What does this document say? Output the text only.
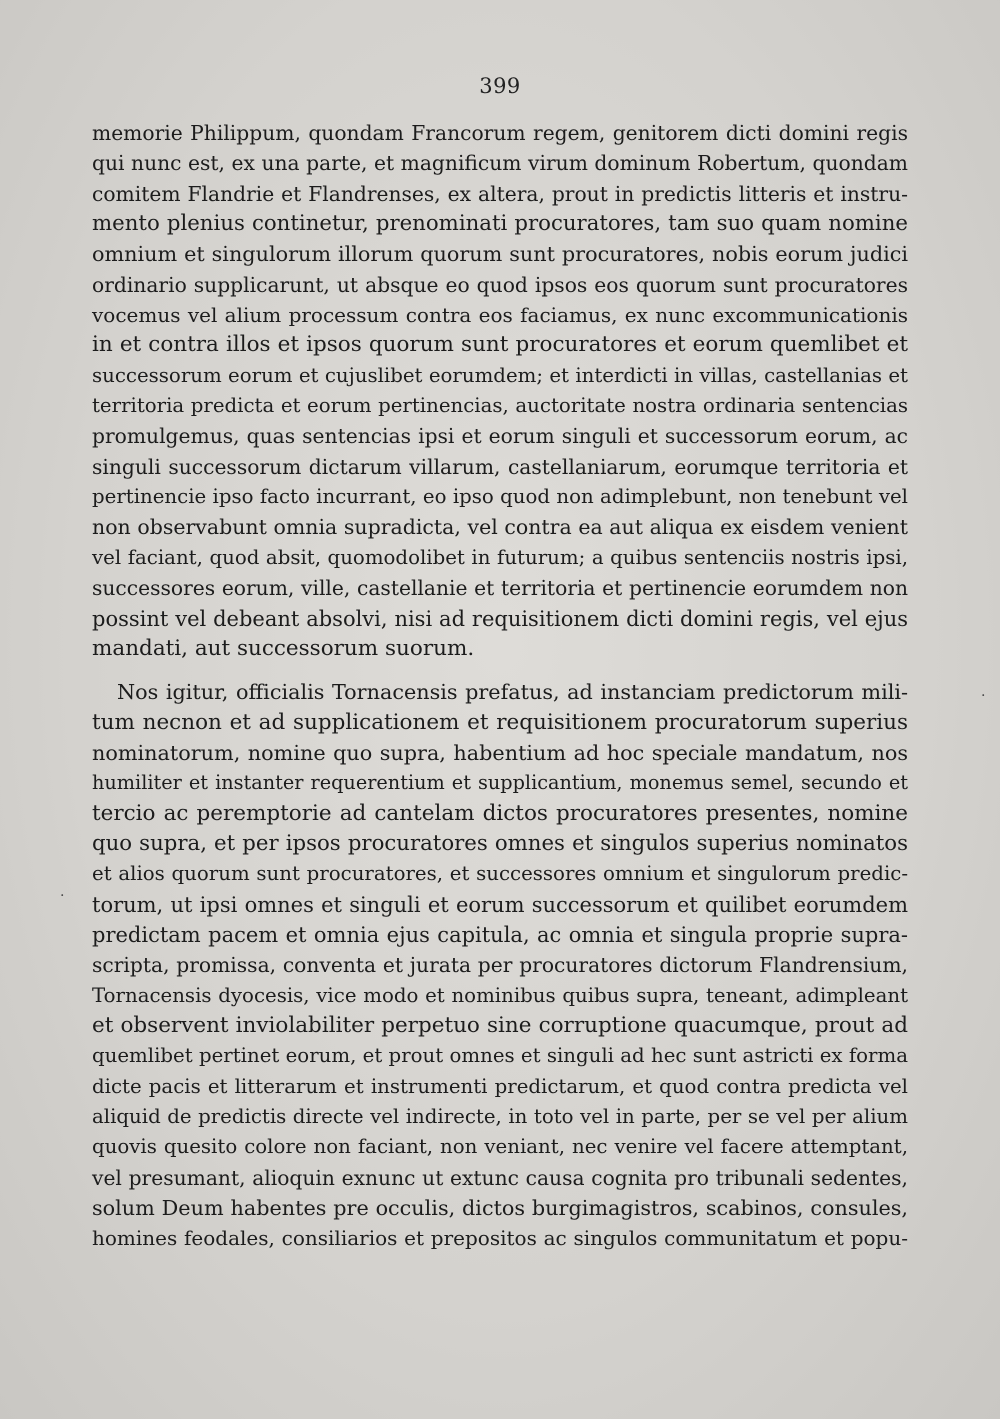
399
memorie Philippum, quondam Francorum regem, genitorem dicti domini regis
qui nunc est, ex una parte, et magnificum virum dominum Robertum, quondam
comitem Flandrie et Flandrenses, ex altera, prout in predictis litteris et instru-
mento plenius continetur, prenominati procuratores, tam suo quam nomine
omnium et singulorum illorum quorum sunt procuratores, nobis eorum judici
ordinario supplicarunt, ut absque eo quod ipsos eos quorum sunt procuratores
vocemus vel alium processum contra eos faciamus, ex nunc excommunicationis
in et contra illos et ipsos quorum sunt procuratores et eorum quemlibet et
successorum eorum et cujuslibet eorumdem; et interdicti in villas, castellanias et
territoria predicta et eorum pertinencias, auctoritate nostra ordinaria sentencias
promulgemus, quas sentencias ipsi et eorum singuli et successorum eorum, ac
singuli successorum dictarum villarum, castellaniarum, eorumque territoria et
pertinencie ipso facto incurrant, eo ipso quod non adimplebunt, non tenebunt vel
non observabunt omnia supradicta, vel contra ea aut aliqua ex eisdem venient
vel faciant, quod absit, quomodolibet in futurum; a quibus sentenciis nostris ipsi,
successores eorum, ville, castellanie et territoria et pertinencie eorumdem non
possint vel debeant absolvi, nisi ad requisitionem dicti domini regis, vel ejus
mandati, aut successorum suorum.
Nos igitur, officialis Tornacensis prefatus, ad instanciam predictorum mili-
tum necnon et ad supplicationem et requisitionem procuratorum superius
nominatorum, nomine quo supra, habentium ad hoc speciale mandatum, nos
humiliter et instanter requerentium et supplicantium, monemus semel, secundo et
tercio ac peremptorie ad cantelam dictos procuratores presentes, nomine
quo supra, et per ipsos procuratores omnes et singulos superius nominatos
et alios quorum sunt procuratores, et successores omnium et singulorum predic-
torum, ut ipsi omnes et singuli et eorum successorum et quilibet eorumdem
predictam pacem et omnia ejus capitula, ac omnia et singula proprie supra-
scripta, promissa, conventa et jurata per procuratores dictorum Flandrensium,
Tornacensis dyocesis, vice modo et nominibus quibus supra, teneant, adimpleant
et observent inviolabiliter perpetuo sine corruptione quacumque, prout ad
quemlibet pertinet eorum, et prout omnes et singuli ad hec sunt astricti ex forma
dicte pacis et litterarum et instrumenti predictarum, et quod contra predicta vel
aliquid de predictis directe vel indirecte, in toto vel in parte, per se vel per alium
quovis quesito colore non faciant, non veniant, nec venire vel facere attemptant,
vel presumant, alioquin exnunc ut extunc causa cognita pro tribunali sedentes,
solum Deum habentes pre occulis, dictos burgimagistros, scabinos, consules,
homines feodales, consiliarios et prepositos ac singulos communitatum et popu-
.
.
